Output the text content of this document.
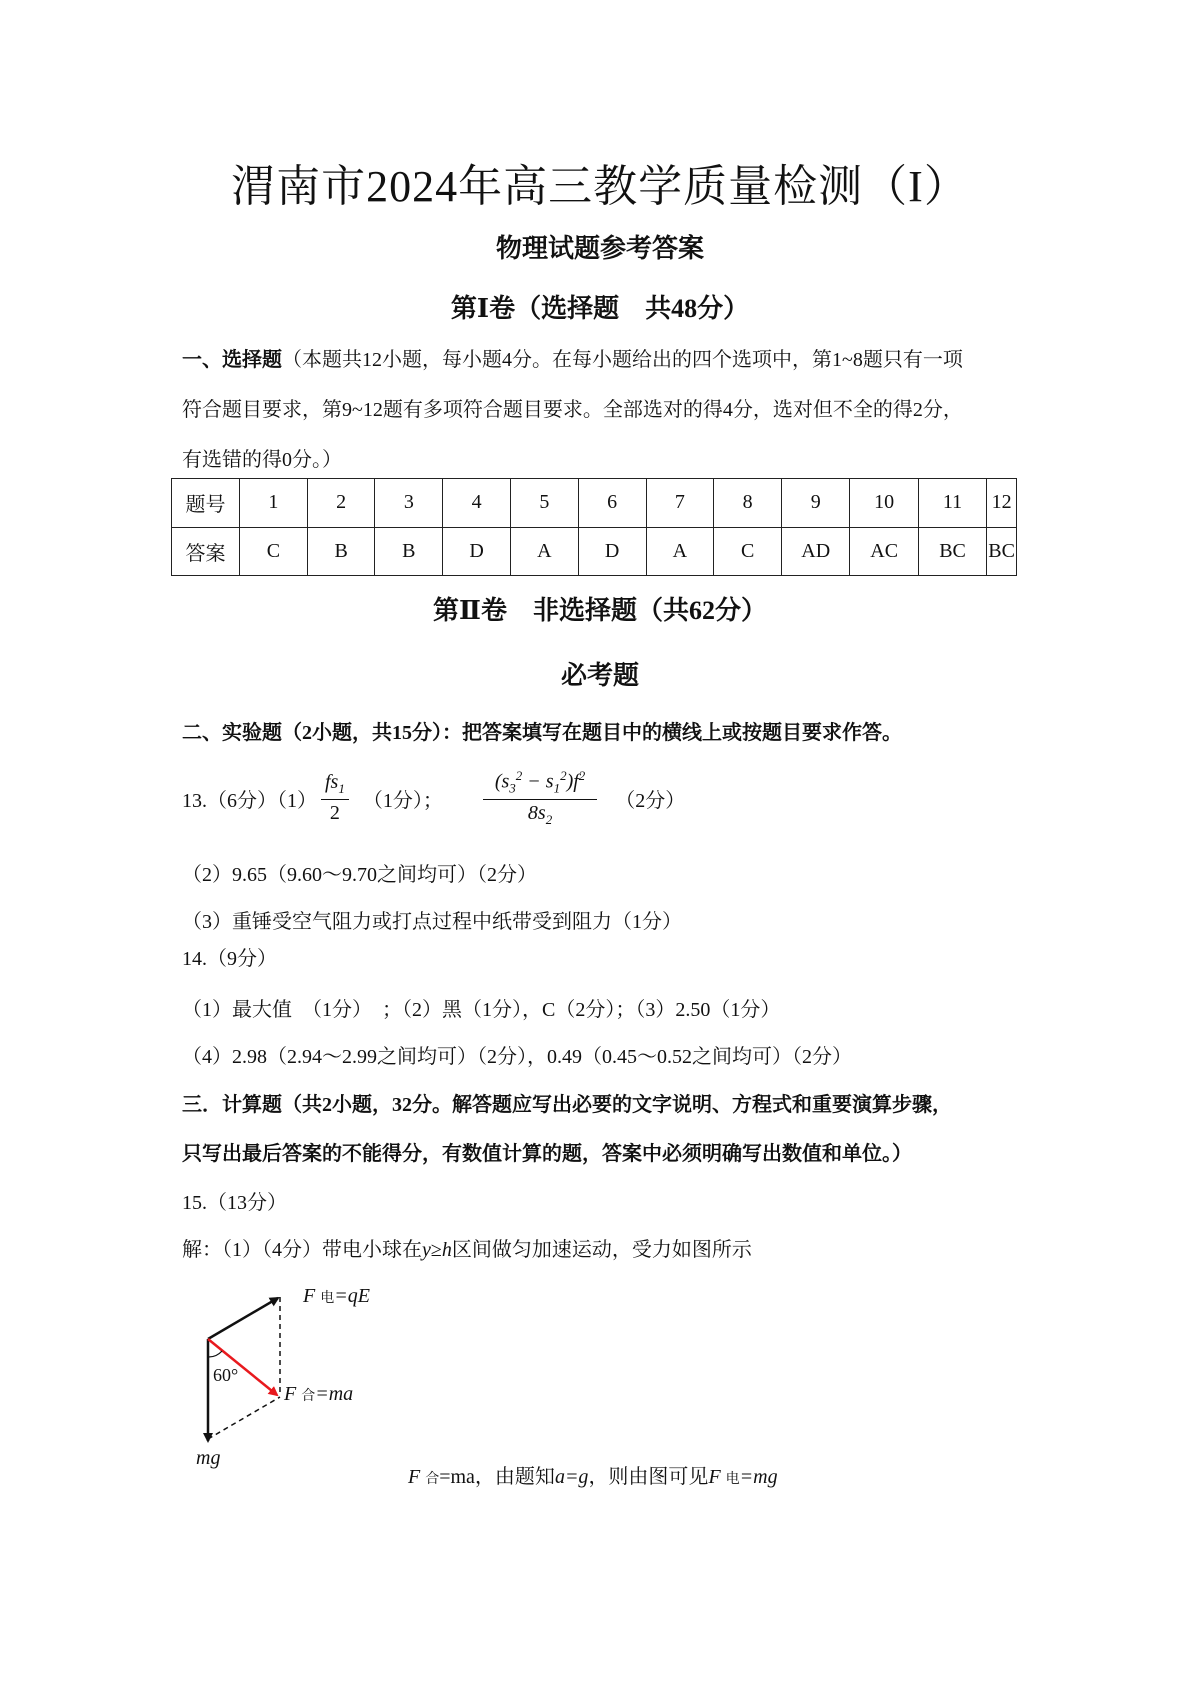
渭南市2024年高三教学质量检测（I）
物理试题参考答案
第Ⅰ卷（选择题　共48分）
一、选择题（本题共12小题，每小题4分。在每小题给出的四个选项中，第1~8题只有一项
符合题目要求，第9~12题有多项符合题目要求。全部选对的得4分，选对但不全的得2分，
有选错的得0分。）
题号	1	2	3	4	5	6	7	8	9	10	11	12
答案	C	B	B	D	A	D	A	C	AD	AC	BC	BC
第Ⅱ卷　非选择题（共62分）
必考题
二、实验题（2小题，共15分）：把答案填写在题目中的横线上或按题目要求作答。
13.（6分）$(1) \frac{fs_1}{2} (1$分）； $\frac{(s_3^2 - s_1^2)f^2}{8s_2} (2$分）
（2）9.65（9.60～9.70之间均可）（2分）
（3）重锤受空气阻力或打点过程中纸带受到阻力（1分）
14.（9分）
（1）最大值　（1分）　；（2）黑（1分），C（2分）；（3）2.50（1分）
（4）2.98（2.94～2.99之间均可）（2分），0.49（0.45～0.52之间均可）（2分）
三．计算题（共2小题，32分。解答题应写出必要的文字说明、方程式和重要演算步骤，
只写出最后答案的不能得分，有数值计算的题，答案中必须明确写出数值和单位。）
15.（13分）
解：（1）（4分）带电小球在y≥h区间做匀加速运动，受力如图所示
F 电=qE
60°
F 合=ma
mg
F 合=ma，由题知a=g，则由图可见F 电=mg
